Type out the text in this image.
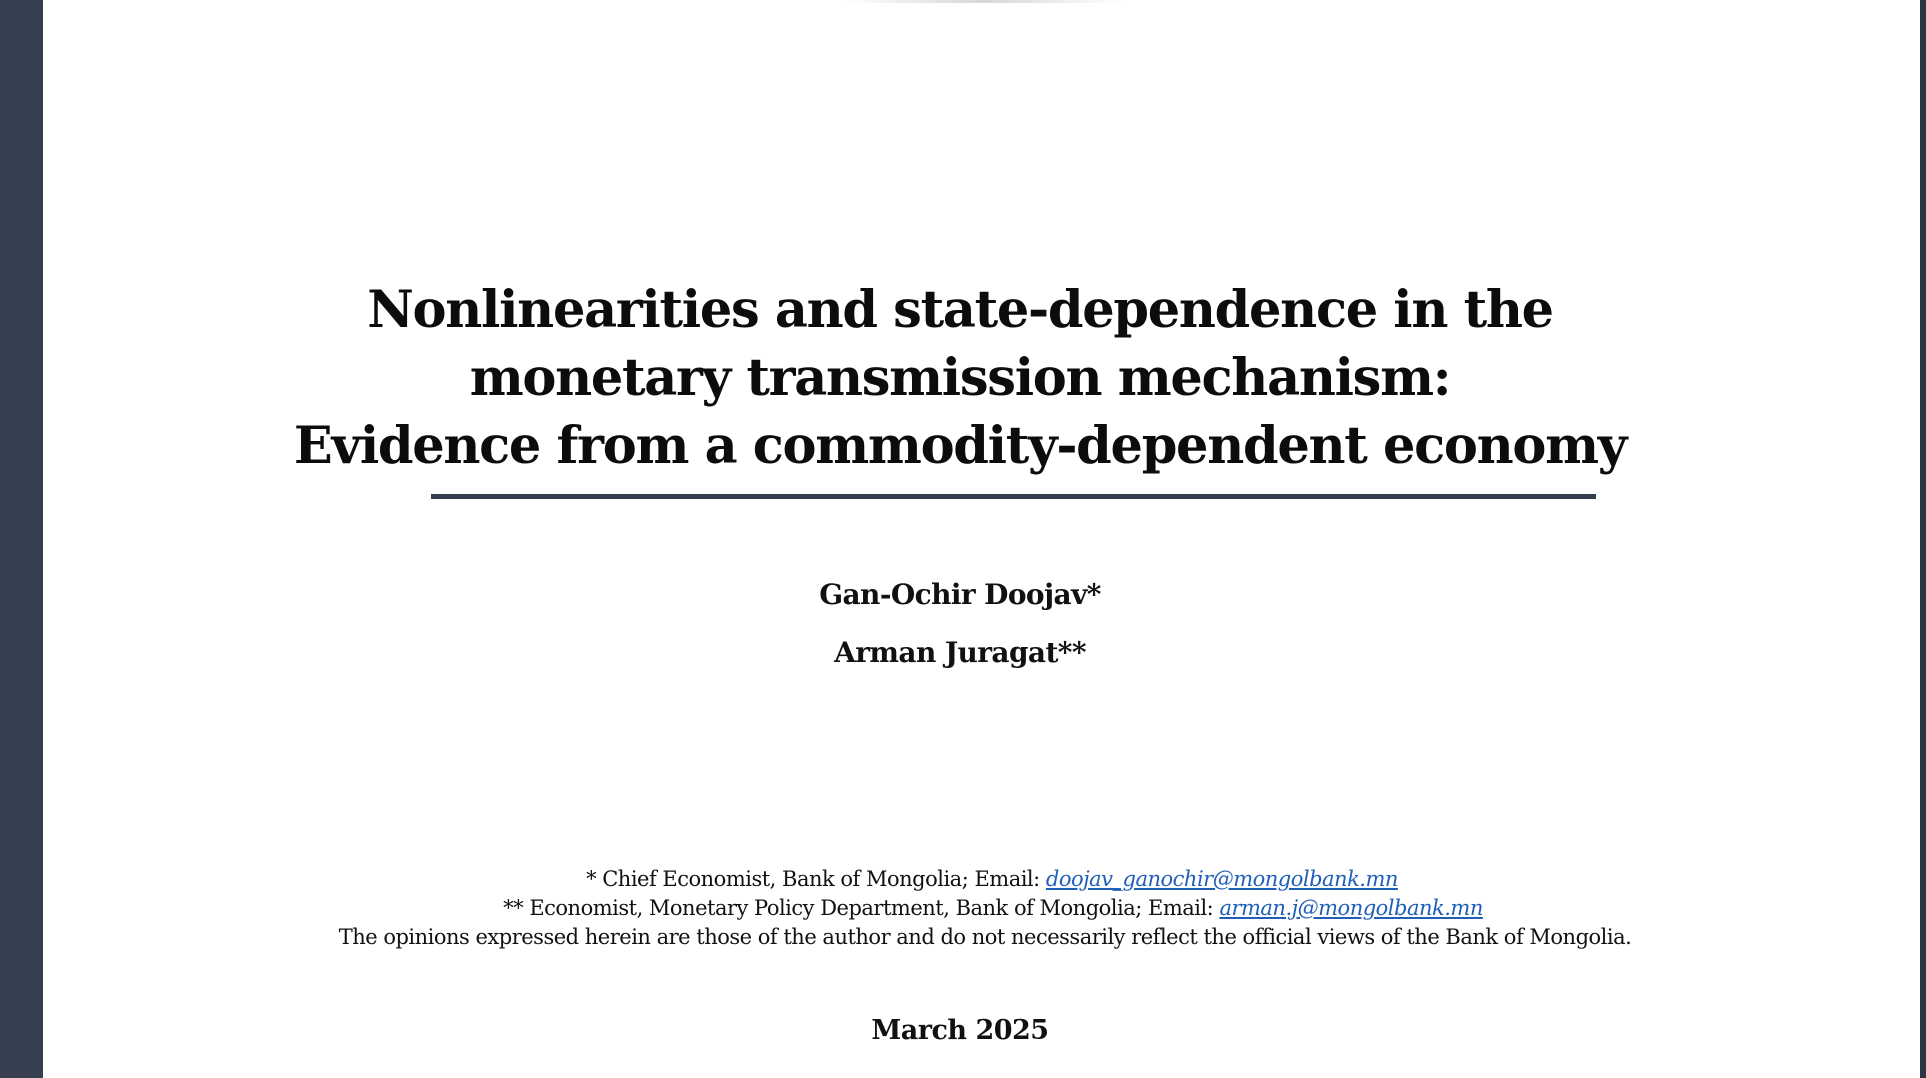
Nonlinearities and state-dependence in the
monetary transmission mechanism:
Evidence from a commodity-dependent economy
Gan-Ochir Doojav*
Arman Juragat**
* Chief Economist, Bank of Mongolia; Email: doojav_ganochir@mongolbank.mn
** Economist, Monetary Policy Department, Bank of Mongolia; Email: arman.j@mongolbank.mn
The opinions expressed herein are those of the author and do not necessarily reflect the official views of the Bank of Mongolia.
March 2025
